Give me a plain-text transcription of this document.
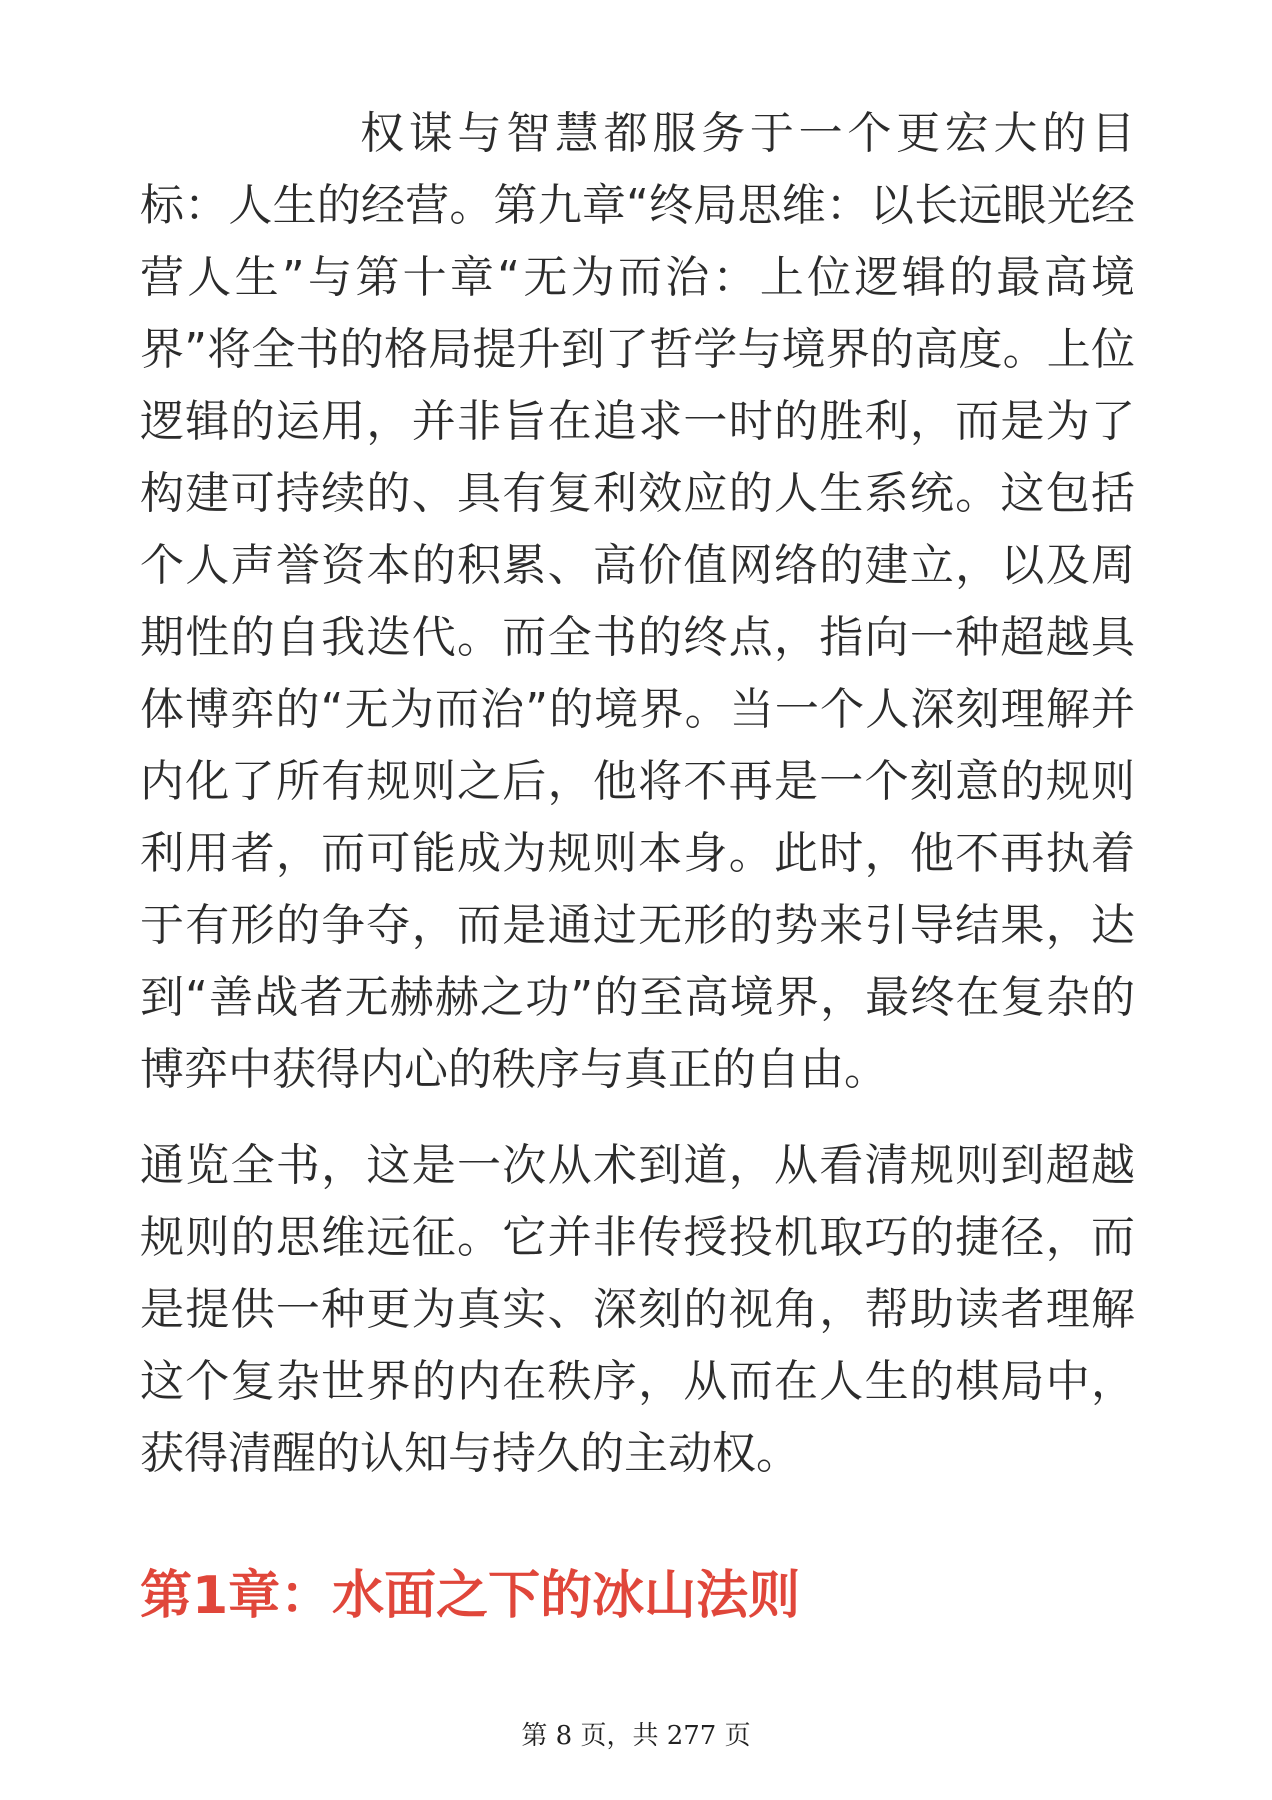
权谋与智慧都服务于一个更宏大的目标：人生的经营。第九章“终局思维：以长远眼光经营人生”与第十章“无为而治：上位逻辑的最高境界”将全书的格局提升到了哲学与境界的高度。上位逻辑的运用，并非旨在追求一时的胜利，而是为了构建可持续的、具有复利效应的人生系统。这包括个人声誉资本的积累、高价值网络的建立，以及周期性的自我迭代。而全书的终点，指向一种超越具体博弈的“无为而治”的境界。当一个人深刻理解并内化了所有规则之后，他将不再是一个刻意的规则利用者，而可能成为规则本身。此时，他不再执着于有形的争夺，而是通过无形的势来引导结果，达到“善战者无赫赫之功”的至高境界，最终在复杂的博弈中获得内心的秩序与真正的自由。

通览全书，这是一次从术到道，从看清规则到超越规则的思维远征。它并非传授投机取巧的捷径，而是提供一种更为真实、深刻的视角，帮助读者理解这个复杂世界的内在秩序，从而在人生的棋局中，获得清醒的认知与持久的主动权。

第1章：水面之下的冰山法则
第 8 页，共 277 页
